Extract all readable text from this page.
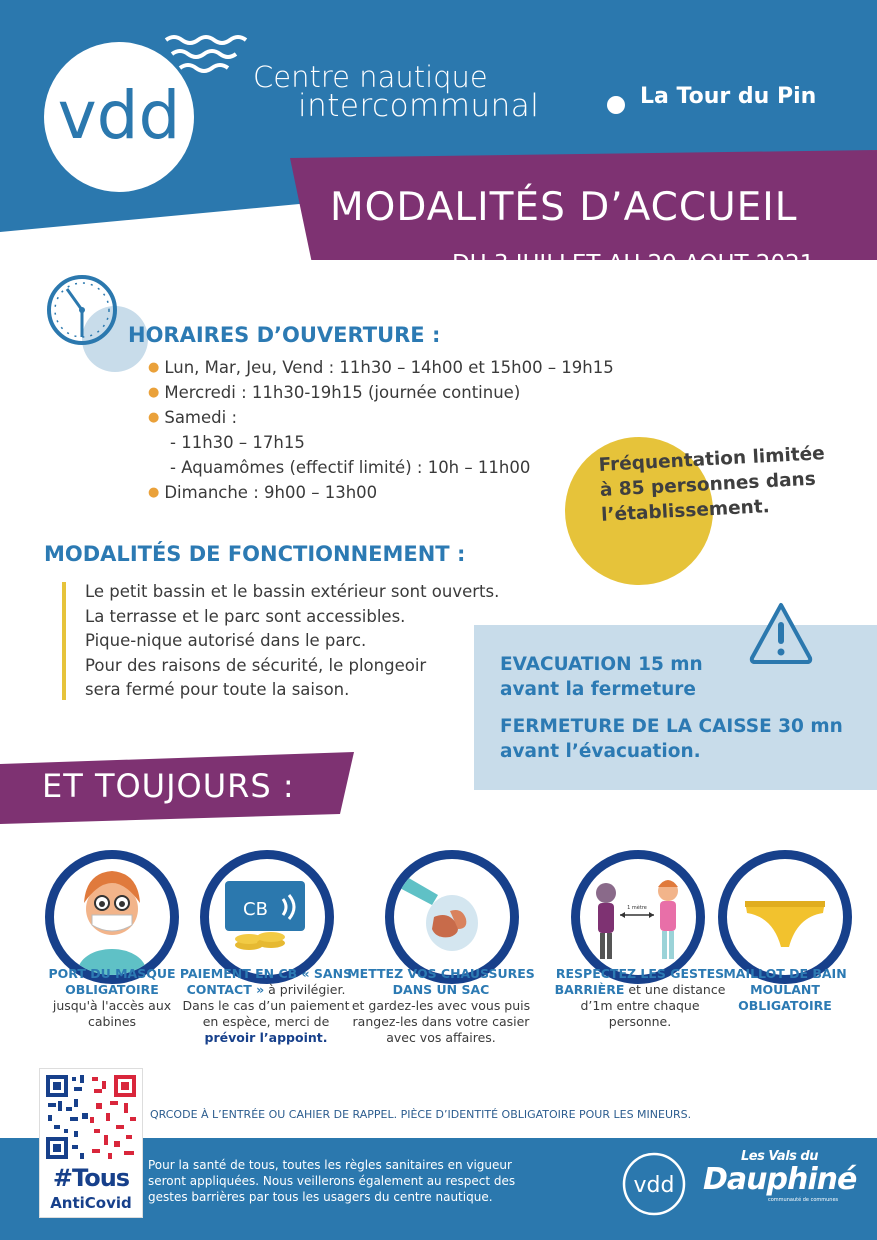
vdd	Centre nautique
intercommunal	La Tour du Pin
MODALITÉS D’ACCUEIL
DU 3 JUILLET AU 29 AOUT 2021
HORAIRES D’OUVERTURE :
● Lun, Mar, Jeu, Vend : 11h30 – 14h00 et 15h00 – 19h15
● Mercredi : 11h30-19h15 (journée continue)
● Samedi :
- 11h30 – 17h15
- Aquamômes (effectif limité) : 10h – 11h00
● Dimanche : 9h00 – 13h00
Fréquentation limitée
à 85 personnes dans
l’établissement.
MODALITÉS DE FONCTIONNEMENT :
Le petit bassin et le bassin extérieur sont ouverts.
La terrasse et le parc sont accessibles.
Pique-nique autorisé dans le parc.
Pour des raisons de sécurité, le plongeoir
sera fermé pour toute la saison.
EVACUATION 15 mn
avant la fermeture
FERMETURE DE LA CAISSE 30 mn
avant l’évacuation.
ET TOUJOURS :
PORT DU MASQUE
OBLIGATOIRE
jusqu'à l'accès aux
cabines
CB
PAIEMENT EN CB « SANS
CONTACT » à privilégier.
Dans le cas d’un paiement
en espèce, merci de
prévoir l’appoint.
METTEZ VOS CHAUSSURES
DANS UN SAC
et gardez-les avec vous puis
rangez-les dans votre casier
avec vos affaires.
1 mètre
RESPECTEZ LES GESTES
BARRIÈRE et une distance
d’1m entre chaque
personne.
MAILLOT DE BAIN
MOULANT
OBLIGATOIRE
QRCODE À L’ENTRÉE OU CAHIER DE RAPPEL. PIÈCE D’IDENTITÉ OBLIGATOIRE POUR LES MINEURS.
Pour la santé de tous, toutes les règles sanitaires en vigueur
seront appliquées. Nous veillerons également au respect des
gestes barrières par tous les usagers du centre nautique.
#Tous
AntiCovid
vdd
Les Vals du
Dauphiné
communauté de communes
